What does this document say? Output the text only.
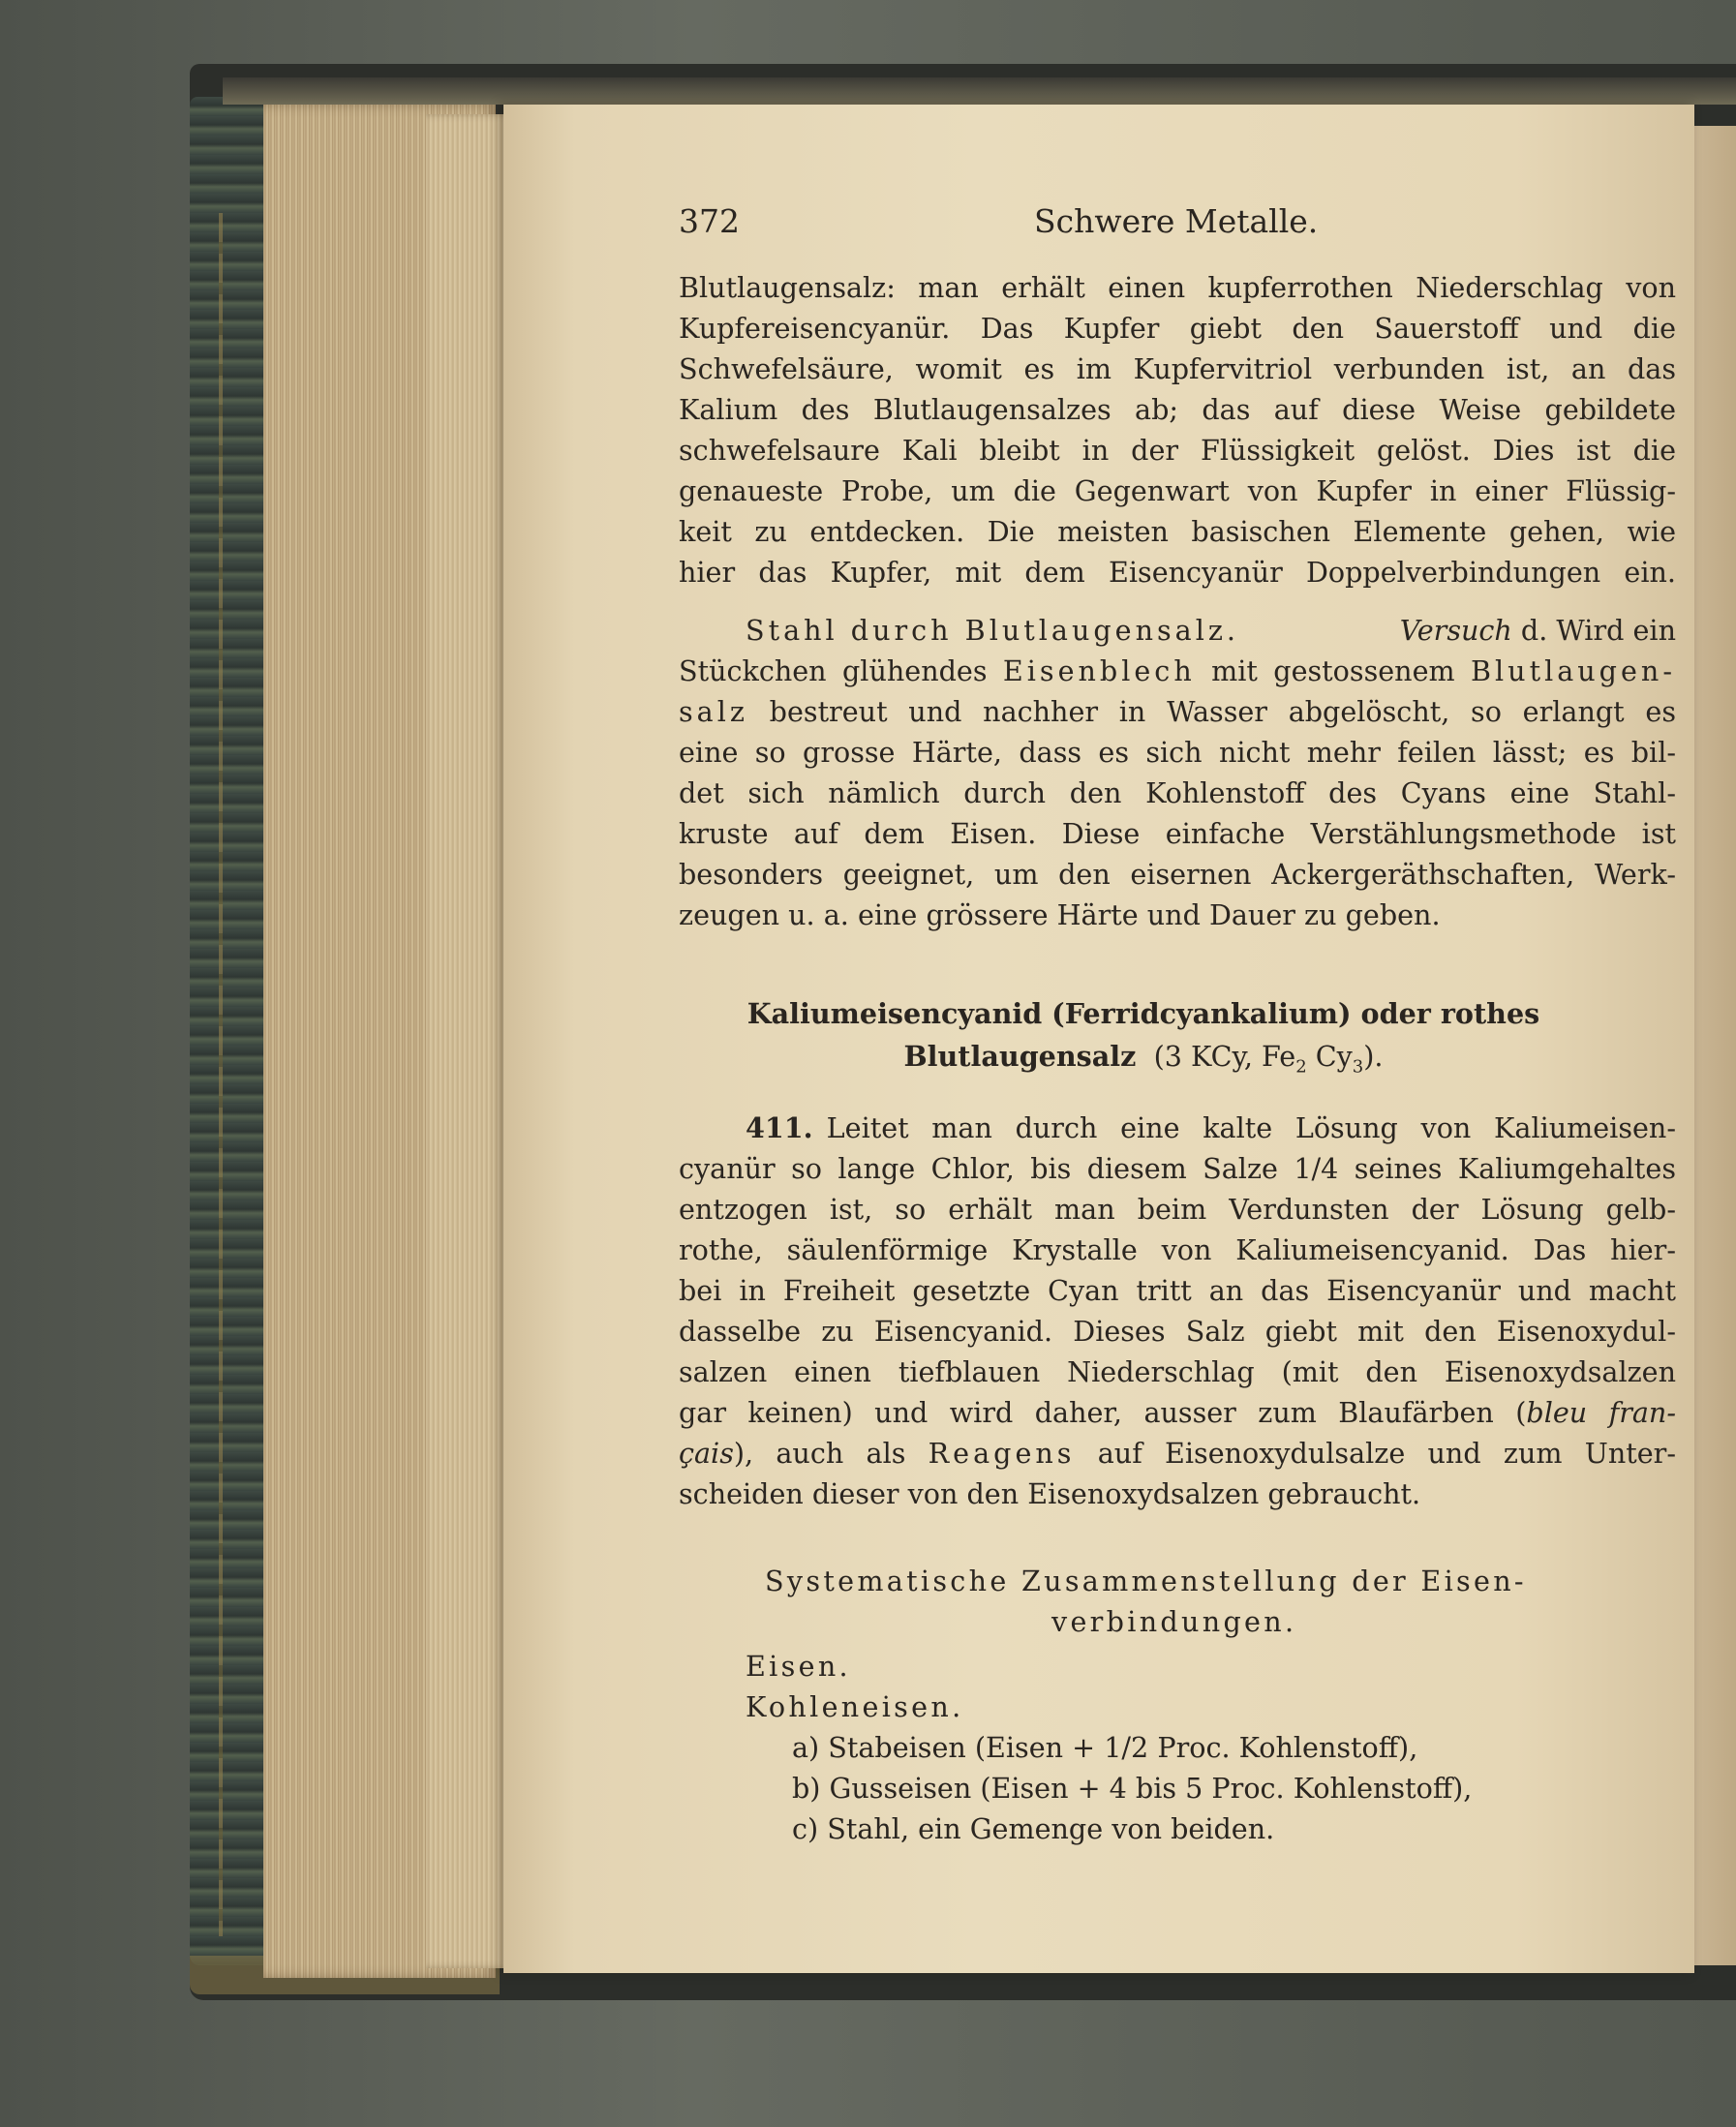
372	Schwere Metalle.
Blutlaugensalz: man erhält einen kupferrothen Niederschlag von
Kupfereisencyanür. Das Kupfer giebt den Sauerstoff und die
Schwefelsäure, womit es im Kupfervitriol verbunden ist, an das
Kalium des Blutlaugensalzes ab; das auf diese Weise gebildete
schwefelsaure Kali bleibt in der Flüssigkeit gelöst. Dies ist die
genaueste Probe, um die Gegenwart von Kupfer in einer Flüssig-
keit zu entdecken. Die meisten basischen Elemente gehen, wie
hier das Kupfer, mit dem Eisencyanür Doppelverbindungen ein.
Stahl durch Blutlaugensalz.	Versuch d. Wird ein
Stückchen glühendes Eisenblech mit gestossenem Blutlaugen-
salz bestreut und nachher in Wasser abgelöscht, so erlangt es
eine so grosse Härte, dass es sich nicht mehr feilen lässt; es bil-
det sich nämlich durch den Kohlenstoff des Cyans eine Stahl-
kruste auf dem Eisen. Diese einfache Verstählungsmethode ist
besonders geeignet, um den eisernen Ackergeräthschaften, Werk-
zeugen u. a. eine grössere Härte und Dauer zu geben.
Kaliumeisencyanid (Ferridcyankalium) oder rothes
Blutlaugensalz (3 KCy, $Fe_2$ $Cy_3$).
411. Leitet man durch eine kalte Lösung von Kaliumeisen-
cyanür so lange Chlor, bis diesem Salze 1/4 seines Kaliumgehaltes
entzogen ist, so erhält man beim Verdunsten der Lösung gelb-
rothe, säulenförmige Krystalle von Kaliumeisencyanid. Das hier-
bei in Freiheit gesetzte Cyan tritt an das Eisencyanür und macht
dasselbe zu Eisencyanid. Dieses Salz giebt mit den Eisenoxydul-
salzen einen tiefblauen Niederschlag (mit den Eisenoxydsalzen
gar keinen) und wird daher, ausser zum Blaufärben (bleu fran-
çais), auch als Reagens auf Eisenoxydulsalze und zum Unter-
scheiden dieser von den Eisenoxydsalzen gebraucht.
Systematische Zusammenstellung der Eisen-
verbindungen.
Eisen.
Kohleneisen.
a) Stabeisen (Eisen + 1/2 Proc. Kohlenstoff),
b) Gusseisen (Eisen + 4 bis 5 Proc. Kohlenstoff),
c) Stahl, ein Gemenge von beiden.
